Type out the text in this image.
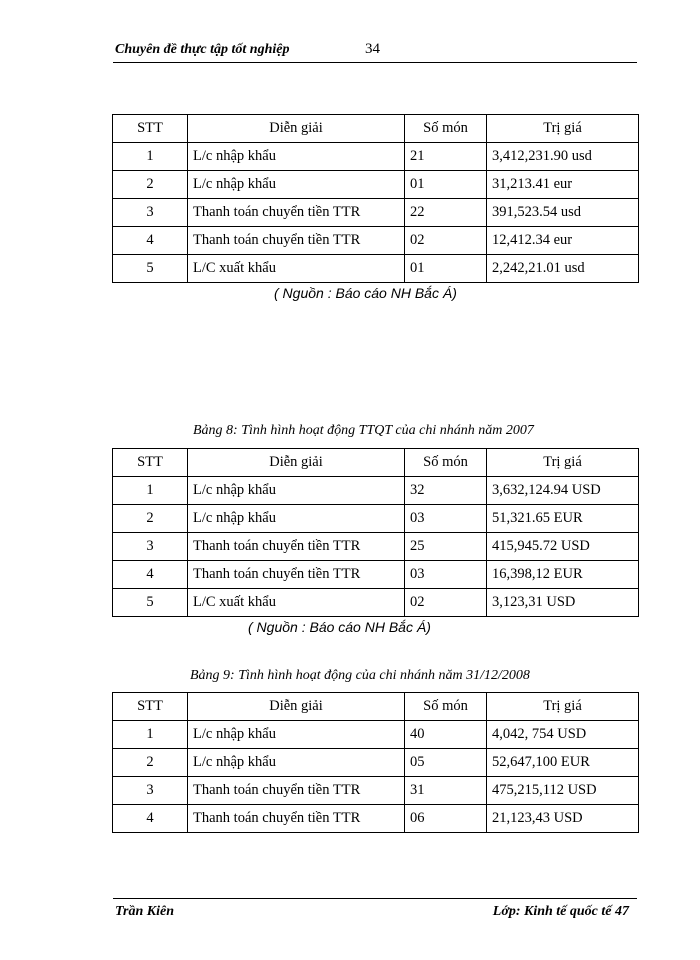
Chuyên đề thực tập tốt nghiệp	34
STT	Diễn giải	Số món	Trị giá
1	L/c nhập khẩu	21	3,412,231.90 usd
2	L/c nhập khẩu	01	31,213.41 eur
3	Thanh toán chuyển tiền TTR	22	391,523.54 usd
4	Thanh toán chuyển tiền TTR	02	12,412.34 eur
5	L/C xuất khẩu	01	2,242,21.01 usd
( Nguồn : Báo cáo NH Bắc Á)
Bảng 8: Tình hình hoạt động TTQT của chi nhánh năm 2007
STT	Diễn giải	Số món	Trị giá
1	L/c nhập khẩu	32	3,632,124.94 USD
2	L/c nhập khẩu	03	51,321.65 EUR
3	Thanh toán chuyển tiền TTR	25	415,945.72 USD
4	Thanh toán chuyển tiền TTR	03	16,398,12 EUR
5	L/C xuất khẩu	02	3,123,31 USD
( Nguồn : Báo cáo NH Bắc Á)
Bảng 9: Tình hình hoạt động của chi nhánh năm 31/12/2008
STT	Diễn giải	Số món	Trị giá
1	L/c nhập khẩu	40	4,042, 754 USD
2	L/c nhập khẩu	05	52,647,100 EUR
3	Thanh toán chuyển tiền TTR	31	475,215,112 USD
4	Thanh toán chuyển tiền TTR	06	21,123,43 USD
Trần Kiên	Lớp: Kinh tế quốc tế 47
